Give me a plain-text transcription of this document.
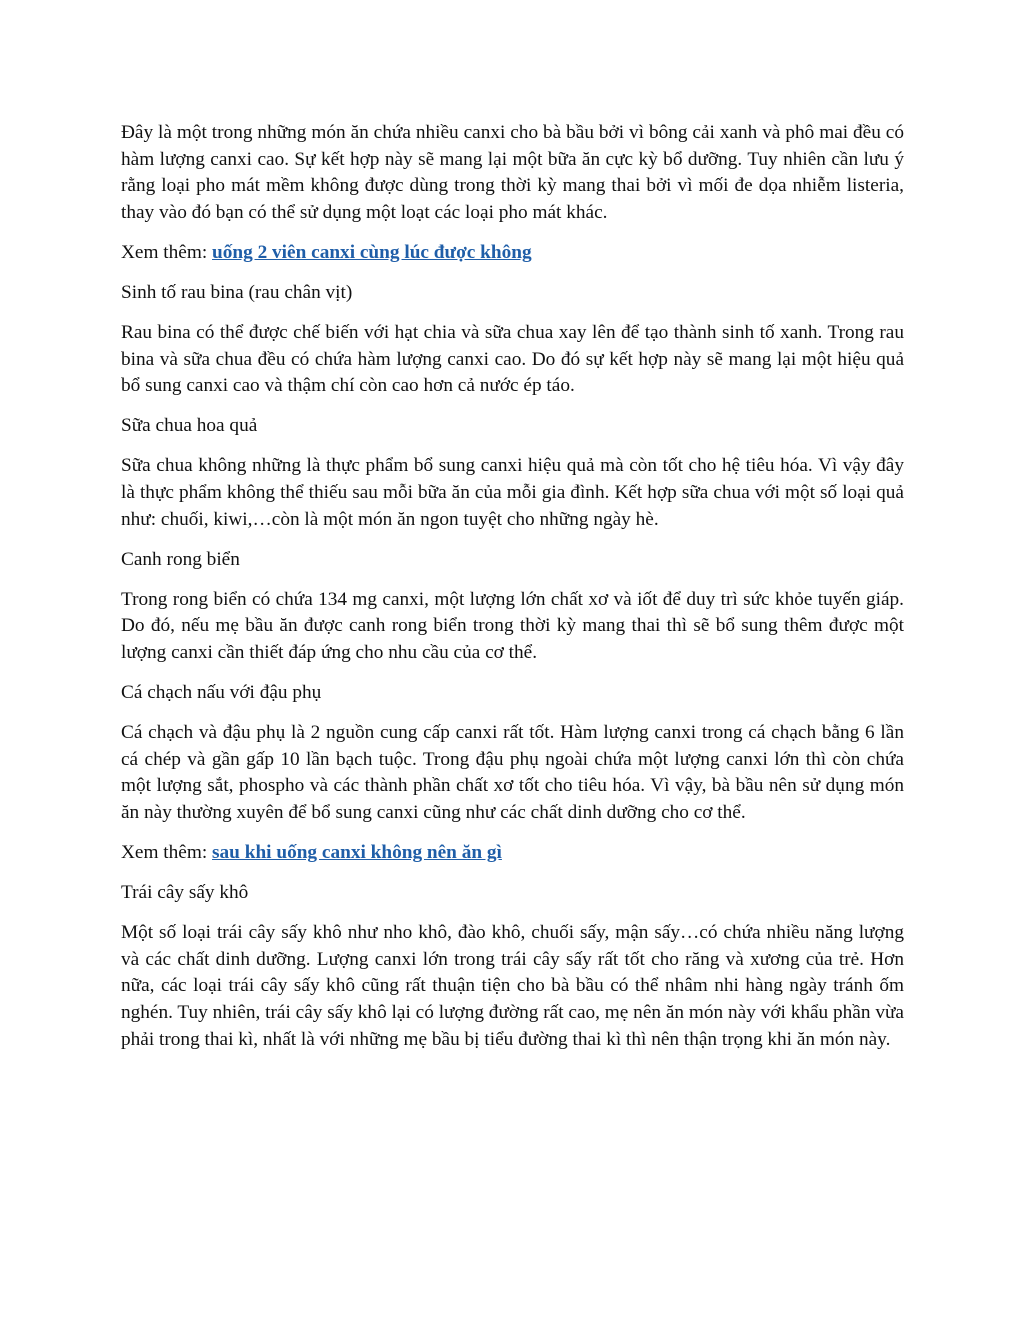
Đây là một trong những món ăn chứa nhiều canxi cho bà bầu bởi vì bông cải xanh và phô mai đều có hàm lượng canxi cao. Sự kết hợp này sẽ mang lại một bữa ăn cực kỳ bổ dưỡng. Tuy nhiên cần lưu ý rằng loại pho mát mềm không được dùng trong thời kỳ mang thai bởi vì mối đe dọa nhiễm listeria, thay vào đó bạn có thể sử dụng một loạt các loại pho mát khác.

Xem thêm: uống 2 viên canxi cùng lúc được không

Sinh tố rau bina (rau chân vịt)

Rau bina có thể được chế biến với hạt chia và sữa chua xay lên để tạo thành sinh tố xanh. Trong rau bina và sữa chua đều có chứa hàm lượng canxi cao. Do đó sự kết hợp này sẽ mang lại một hiệu quả bổ sung canxi cao và thậm chí còn cao hơn cả nước ép táo.

Sữa chua hoa quả

Sữa chua không những là thực phẩm bổ sung canxi hiệu quả mà còn tốt cho hệ tiêu hóa. Vì vậy đây là thực phẩm không thể thiếu sau mỗi bữa ăn của mỗi gia đình. Kết hợp sữa chua với một số loại quả như: chuối, kiwi,…còn là một món ăn ngon tuyệt cho những ngày hè.

Canh rong biển

Trong rong biển có chứa 134 mg canxi, một lượng lớn chất xơ và iốt để duy trì sức khỏe tuyến giáp. Do đó, nếu mẹ bầu ăn được canh rong biển trong thời kỳ mang thai thì sẽ bổ sung thêm được một lượng canxi cần thiết đáp ứng cho nhu cầu của cơ thể.

Cá chạch nấu với đậu phụ

Cá chạch và đậu phụ là 2 nguồn cung cấp canxi rất tốt. Hàm lượng canxi trong cá chạch bằng 6 lần cá chép và gần gấp 10 lần bạch tuộc. Trong đậu phụ ngoài chứa một lượng canxi lớn thì còn chứa một lượng sắt, phospho và các thành phần chất xơ tốt cho tiêu hóa. Vì vậy, bà bầu nên sử dụng món ăn này thường xuyên để bổ sung canxi cũng như các chất dinh dưỡng cho cơ thể.

Xem thêm: sau khi uống canxi không nên ăn gì

Trái cây sấy khô

Một số loại trái cây sấy khô như nho khô, đào khô, chuối sấy, mận sấy…có chứa nhiều năng lượng và các chất dinh dưỡng. Lượng canxi lớn trong trái cây sấy rất tốt cho răng và xương của trẻ. Hơn nữa, các loại trái cây sấy khô cũng rất thuận tiện cho bà bầu có thể nhâm nhi hàng ngày tránh ốm nghén. Tuy nhiên, trái cây sấy khô lại có lượng đường rất cao, mẹ nên ăn món này với khẩu phần vừa phải trong thai kì, nhất là với những mẹ bầu bị tiểu đường thai kì thì nên thận trọng khi ăn món này.
